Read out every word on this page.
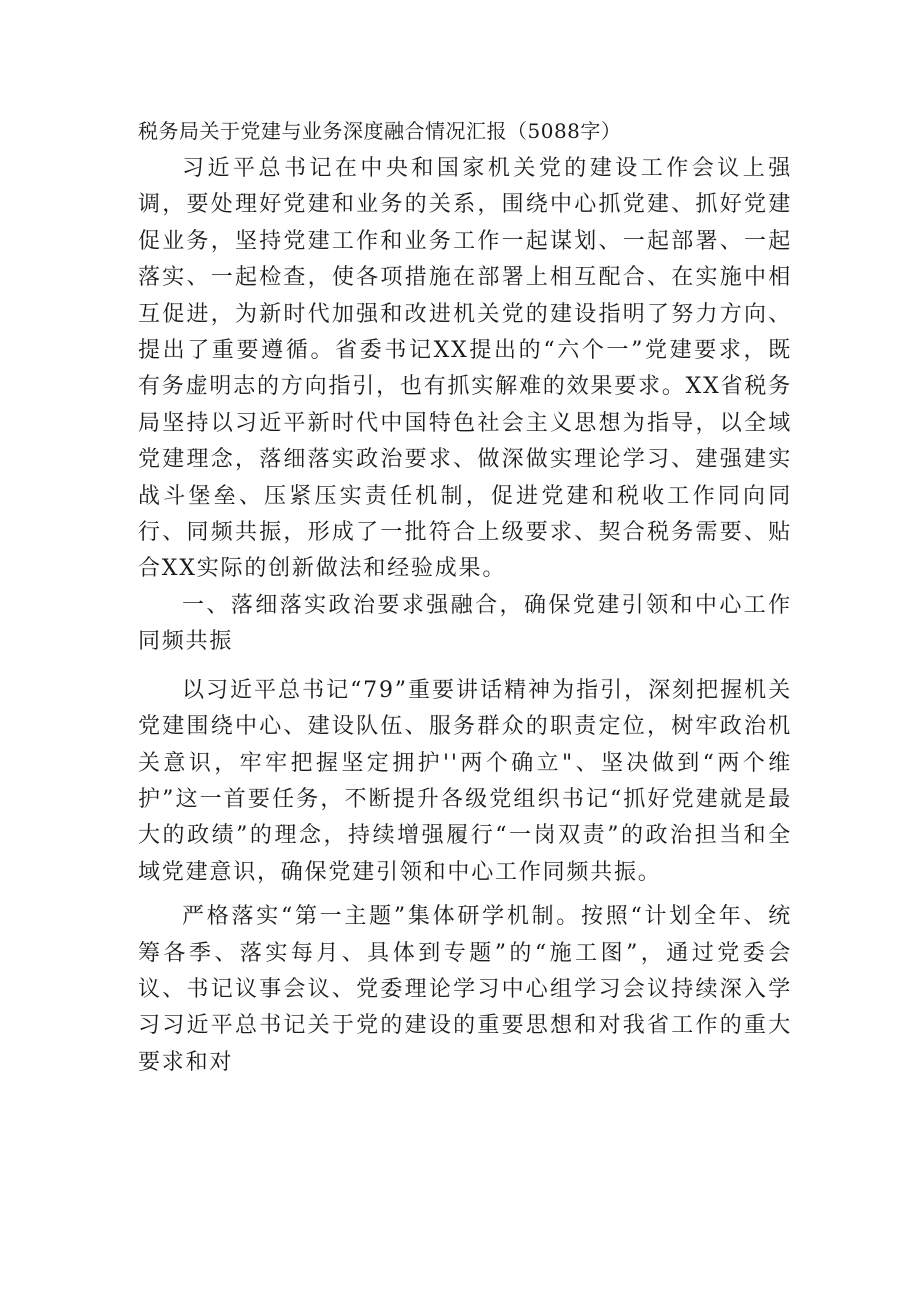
税务局关于党建与业务深度融合情况汇报（5088字）

习近平总书记在中央和国家机关党的建设工作会议上强调，要处理好党建和业务的关系，围绕中心抓党建、抓好党建促业务，坚持党建工作和业务工作一起谋划、一起部署、一起落实、一起检查，使各项措施在部署上相互配合、在实施中相互促进，为新时代加强和改进机关党的建设指明了努力方向、提出了重要遵循。省委书记XX提出的“六个一”党建要求，既有务虚明志的方向指引，也有抓实解难的效果要求。XX省税务局坚持以习近平新时代中国特色社会主义思想为指导，以全域党建理念，落细落实政治要求、做深做实理论学习、建强建实战斗堡垒、压紧压实责任机制，促进党建和税收工作同向同行、同频共振，形成了一批符合上级要求、契合税务需要、贴合XX实际的创新做法和经验成果。

一、落细落实政治要求强融合，确保党建引领和中心工作同频共振

以习近平总书记“79”重要讲话精神为指引，深刻把握机关党建围绕中心、建设队伍、服务群众的职责定位，树牢政治机关意识，牢牢把握坚定拥护''两个确立"、坚决做到“两个维护”这一首要任务，不断提升各级党组织书记“抓好党建就是最大的政绩”的理念，持续增强履行“一岗双责”的政治担当和全域党建意识，确保党建引领和中心工作同频共振。

严格落实“第一主题”集体研学机制。按照“计划全年、统筹各季、落实每月、具体到专题”的“施工图”，通过党委会议、书记议事会议、党委理论学习中心组学习会议持续深入学习习近平总书记关于党的建设的重要思想和对我省工作的重大要求和对
